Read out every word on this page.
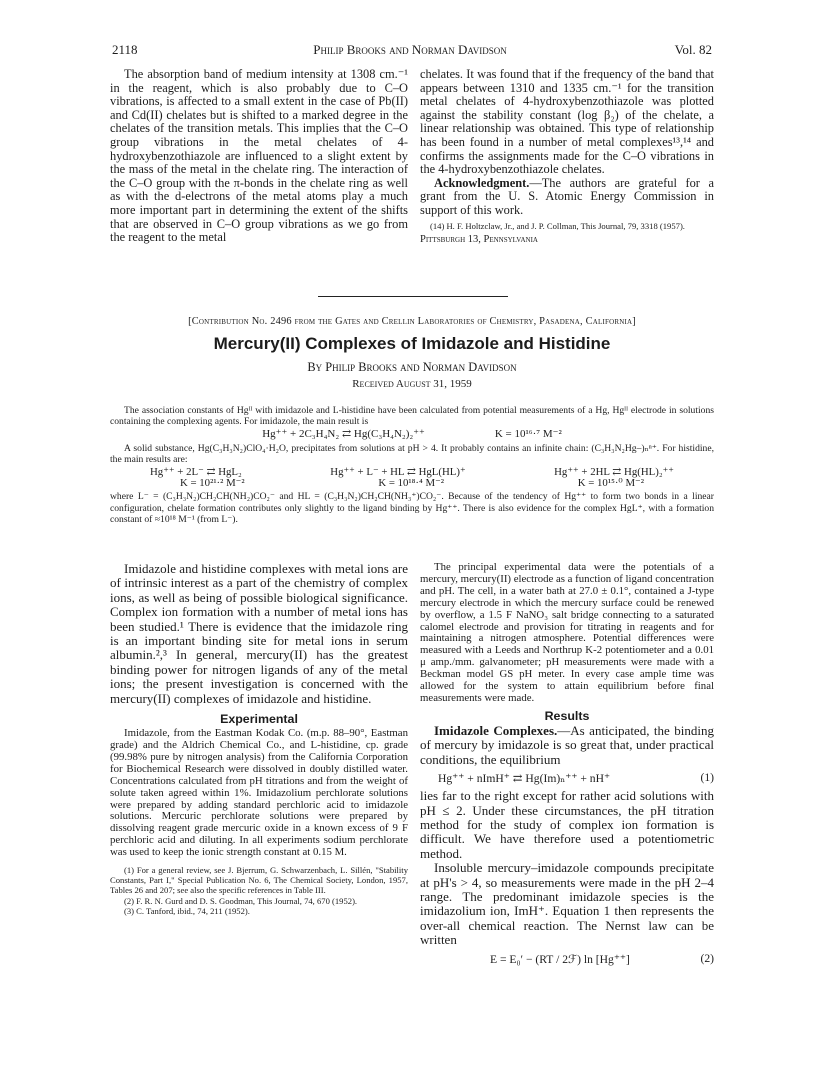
2118	Philip Brooks and Norman Davidson	Vol. 82

The absorption band of medium intensity at 1308 cm.⁻¹ in the reagent, which is also probably due to C–O vibrations, is affected to a small extent in the case of Pb(II) and Cd(II) chelates but is shifted to a marked degree in the chelates of the transition metals. This implies that the C–O group vibrations in the metal chelates of 4-hydroxybenzothiazole are influenced to a slight extent by the mass of the metal in the chelate ring. The interaction of the C–O group with the π-bonds in the chelate ring as well as with the d-electrons of the metal atoms play a much more important part in determining the extent of the shifts that are observed in C–O group vibrations as we go from the reagent to the metal

chelates. It was found that if the frequency of the band that appears between 1310 and 1335 cm.⁻¹ for the transition metal chelates of 4-hydroxybenzothiazole was plotted against the stability constant (log β₂) of the chelate, a linear relationship was obtained. This type of relationship has been found in a number of metal complexes¹³,¹⁴ and confirms the assignments made for the C–O vibrations in the 4-hydroxybenzothiazole chelates.

Acknowledgment.—The authors are grateful for a grant from the U. S. Atomic Energy Commission in support of this work.

(14) H. F. Holtzclaw, Jr., and J. P. Collman, This Journal, 79, 3318 (1957).

Pittsburgh 13, Pennsylvania

[Contribution No. 2496 from the Gates and Crellin Laboratories of Chemistry, Pasadena, California]
Mercury(II) Complexes of Imidazole and Histidine
By Philip Brooks and Norman Davidson
Received August 31, 1959

The association constants of Hgᴵᴵ with imidazole and L-histidine have been calculated from potential measurements of a Hg, Hgᴵᴵ electrode in solutions containing the complexing agents. For imidazole, the main result is

Hg⁺⁺ + 2C₃H₄N₂ ⇄ Hg(C₃H₄N₂)₂⁺⁺	K = 10¹⁶·⁷ M⁻²

A solid substance, Hg(C₃H₃N₂)ClO₄·H₂O, precipitates from solutions at pH > 4. It probably contains an infinite chain: (C₃H₃N₂Hg–)ₙⁿ⁺. For histidine, the main results are:

Hg⁺⁺ + 2L⁻ ⇄ HgL₂	Hg⁺⁺ + L⁻ + HL ⇄ HgL(HL)⁺	Hg⁺⁺ + 2HL ⇄ Hg(HL)₂⁺⁺
K = 10²¹·² M⁻²	K = 10¹⁸·⁴ M⁻²	K = 10¹⁵·⁰ M⁻²

where L⁻ = (C₃H₃N₂)CH₂CH(NH₂)CO₂⁻ and HL = (C₃H₃N₂)CH₂CH(NH₃⁺)CO₂⁻. Because of the tendency of Hg⁺⁺ to form two bonds in a linear configuration, chelate formation contributes only slightly to the ligand binding by Hg⁺⁺. There is also evidence for the complex HgL⁺, with a formation constant of ≈10¹⁸ M⁻¹ (from L⁻).

Imidazole and histidine complexes with metal ions are of intrinsic interest as a part of the chemistry of complex ions, as well as being of possible biological significance. Complex ion formation with a number of metal ions has been studied.¹ There is evidence that the imidazole ring is an important binding site for metal ions in serum albumin.²,³ In general, mercury(II) has the greatest binding power for nitrogen ligands of any of the metal ions; the present investigation is concerned with the mercury(II) complexes of imidazole and histidine.

Experimental

Imidazole, from the Eastman Kodak Co. (m.p. 88–90°, Eastman grade) and the Aldrich Chemical Co., and L-histidine, cp. grade (99.98% pure by nitrogen analysis) from the California Corporation for Biochemical Research were dissolved in doubly distilled water. Concentrations calculated from pH titrations and from the weight of solute taken agreed within 1%. Imidazolium perchlorate solutions were prepared by adding standard perchloric acid to imidazole solutions. Mercuric perchlorate solutions were prepared by dissolving reagent grade mercuric oxide in a known excess of 9 F perchloric acid and diluting. In all experiments sodium perchlorate was used to keep the ionic strength constant at 0.15 M.

(1) For a general review, see J. Bjerrum, G. Schwarzenbach, L. Sillén, "Stability Constants, Part I," Special Publication No. 6, The Chemical Society, London, 1957, Tables 26 and 207; see also the specific references in Table III.

(2) F. R. N. Gurd and D. S. Goodman, This Journal, 74, 670 (1952).

(3) C. Tanford, ibid., 74, 211 (1952).

The principal experimental data were the potentials of a mercury, mercury(II) electrode as a function of ligand concentration and pH. The cell, in a water bath at 27.0 ± 0.1°, contained a J-type mercury electrode in which the mercury surface could be renewed by overflow, a 1.5 F NaNO₃ salt bridge connecting to a saturated calomel electrode and provision for titrating in reagents and for maintaining a nitrogen atmosphere. Potential differences were measured with a Leeds and Northrup K-2 potentiometer and a 0.01 μ amp./mm. galvanometer; pH measurements were made with a Beckman model GS pH meter. In every case ample time was allowed for the system to attain equilibrium before final measurements were made.

Results

Imidazole Complexes.—As anticipated, the binding of mercury by imidazole is so great that, under practical conditions, the equilibrium

Hg⁺⁺ + nImH⁺ ⇄ Hg(Im)ₙ⁺⁺ + nH⁺	(1)

lies far to the right except for rather acid solutions with pH ≤ 2. Under these circumstances, the pH titration method for the study of complex ion formation is difficult. We have therefore used a potentiometric method.

Insoluble mercury–imidazole compounds precipitate at pH's > 4, so measurements were made in the pH 2–4 range. The predominant imidazole species is the imidazolium ion, ImH⁺. Equation 1 then represents the over-all chemical reaction. The Nernst law can be written

E = E₀′ − (RT / 2ℱ) ln [Hg⁺⁺]	(2)
